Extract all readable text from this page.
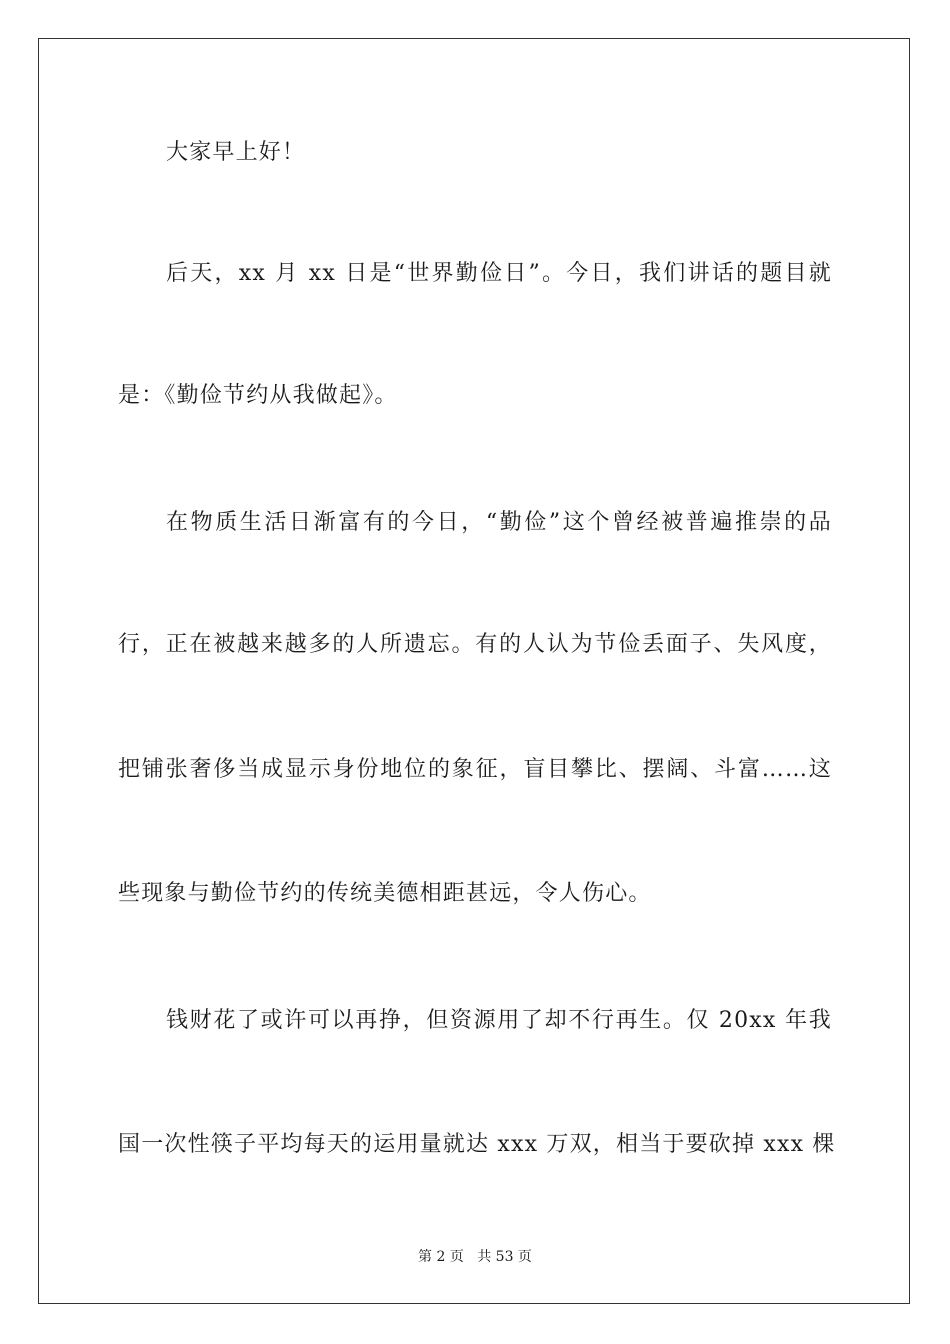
大家早上好！
后天，xx 月 xx 日是“世界勤俭日”。今日，我们讲话的题目就
是：《勤俭节约从我做起》。
在物质生活日渐富有的今日，“勤俭”这个曾经被普遍推崇的品
行，正在被越来越多的人所遗忘。有的人认为节俭丢面子、失风度，
把铺张奢侈当成显示身份地位的象征，盲目攀比、摆阔、斗富……这
些现象与勤俭节约的传统美德相距甚远，令人伤心。
钱财花了或许可以再挣，但资源用了却不行再生。仅 20xx 年我
国一次性筷子平均每天的运用量就达 xxx 万双，相当于要砍掉 xxx 棵
第 2 页 共 53 页
